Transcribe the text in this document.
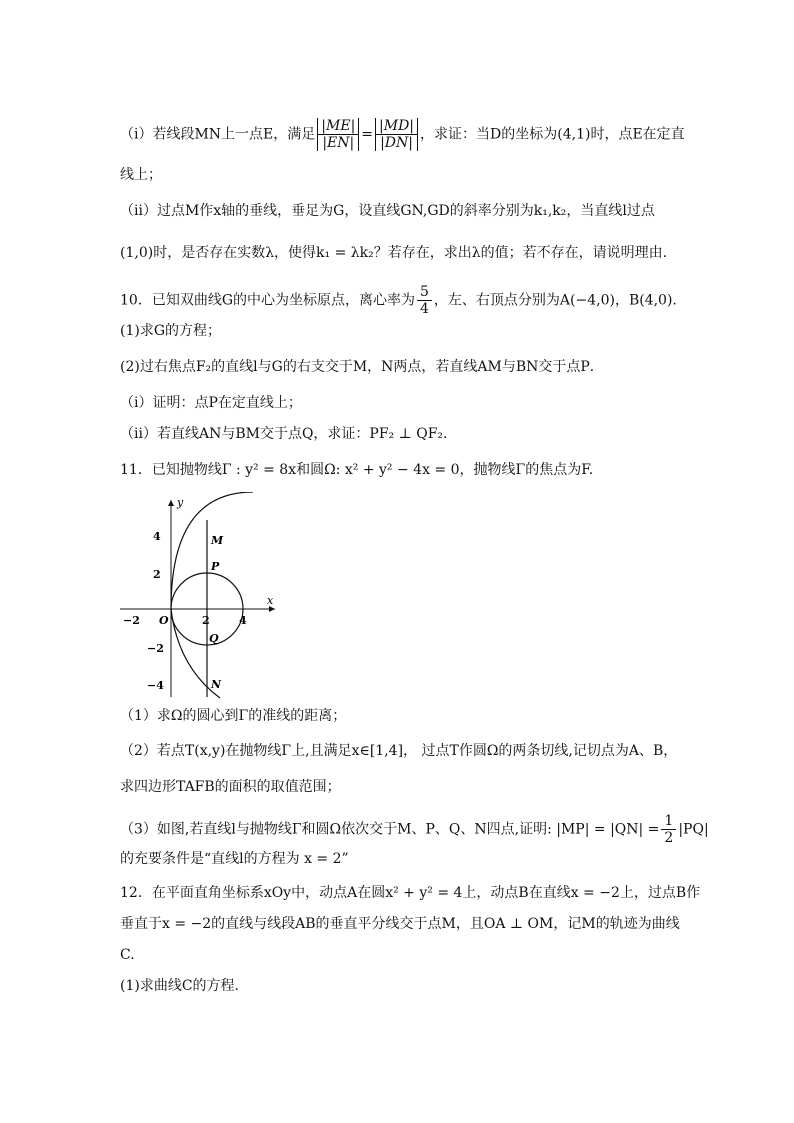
（ⅰ）若线段MN上一点E，满足 $\frac{|ME|}{|EN|} = \frac{|MD|}{|DN|}$ ，求证：当D的坐标为(4,1)时，点E在定直
线上；
（ⅱ）过点M作x轴的垂线，垂足为G，设直线GN,GD的斜率分别为k₁,k₂，当直线l过点
(1,0)时，是否存在实数λ，使得k₁ = λk₂？若存在，求出λ的值；若不存在，请说明理由.
10．已知双曲线G的中心为坐标原点，离心率为 $\frac{5}{4}$ ，左、右顶点分别为A(−4,0)，B(4,0).
(1)求G的方程；
(2)过右焦点F₂的直线l与G的右支交于M，N两点，若直线AM与BN交于点P．
（i）证明：点P在定直线上；
（ii）若直线AN与BM交于点Q，求证：PF₂ ⊥ QF₂.
11．已知抛物线Γ : y² = 8x和圆Ω: x² + y² − 4x = 0，抛物线Γ的焦点为F.
x
y
O
−2	2	4
4
2
−2
−4
M
P
Q
N
（1）求Ω的圆心到Γ的准线的距离；
（2）若点T(x,y)在抛物线Γ上,且满足x∈[1,4]， 过点T作圆Ω的两条切线,记切点为A、B，
求四边形TAFB的面积的取值范围；
（3）如图,若直线l与抛物线Γ和圆Ω依次交于M、P、Q、N四点,证明: $|MP| = |QN| = \frac{1}{2} |PQ|$
的充要条件是“直线l的方程为 x = 2”
12．在平面直角坐标系xOy中，动点A在圆x² + y² = 4上，动点B在直线x = −2上，过点B作
垂直于x = −2的直线与线段AB的垂直平分线交于点M，且OA ⊥ OM，记M的轨迹为曲线
C.
(1)求曲线C的方程.
